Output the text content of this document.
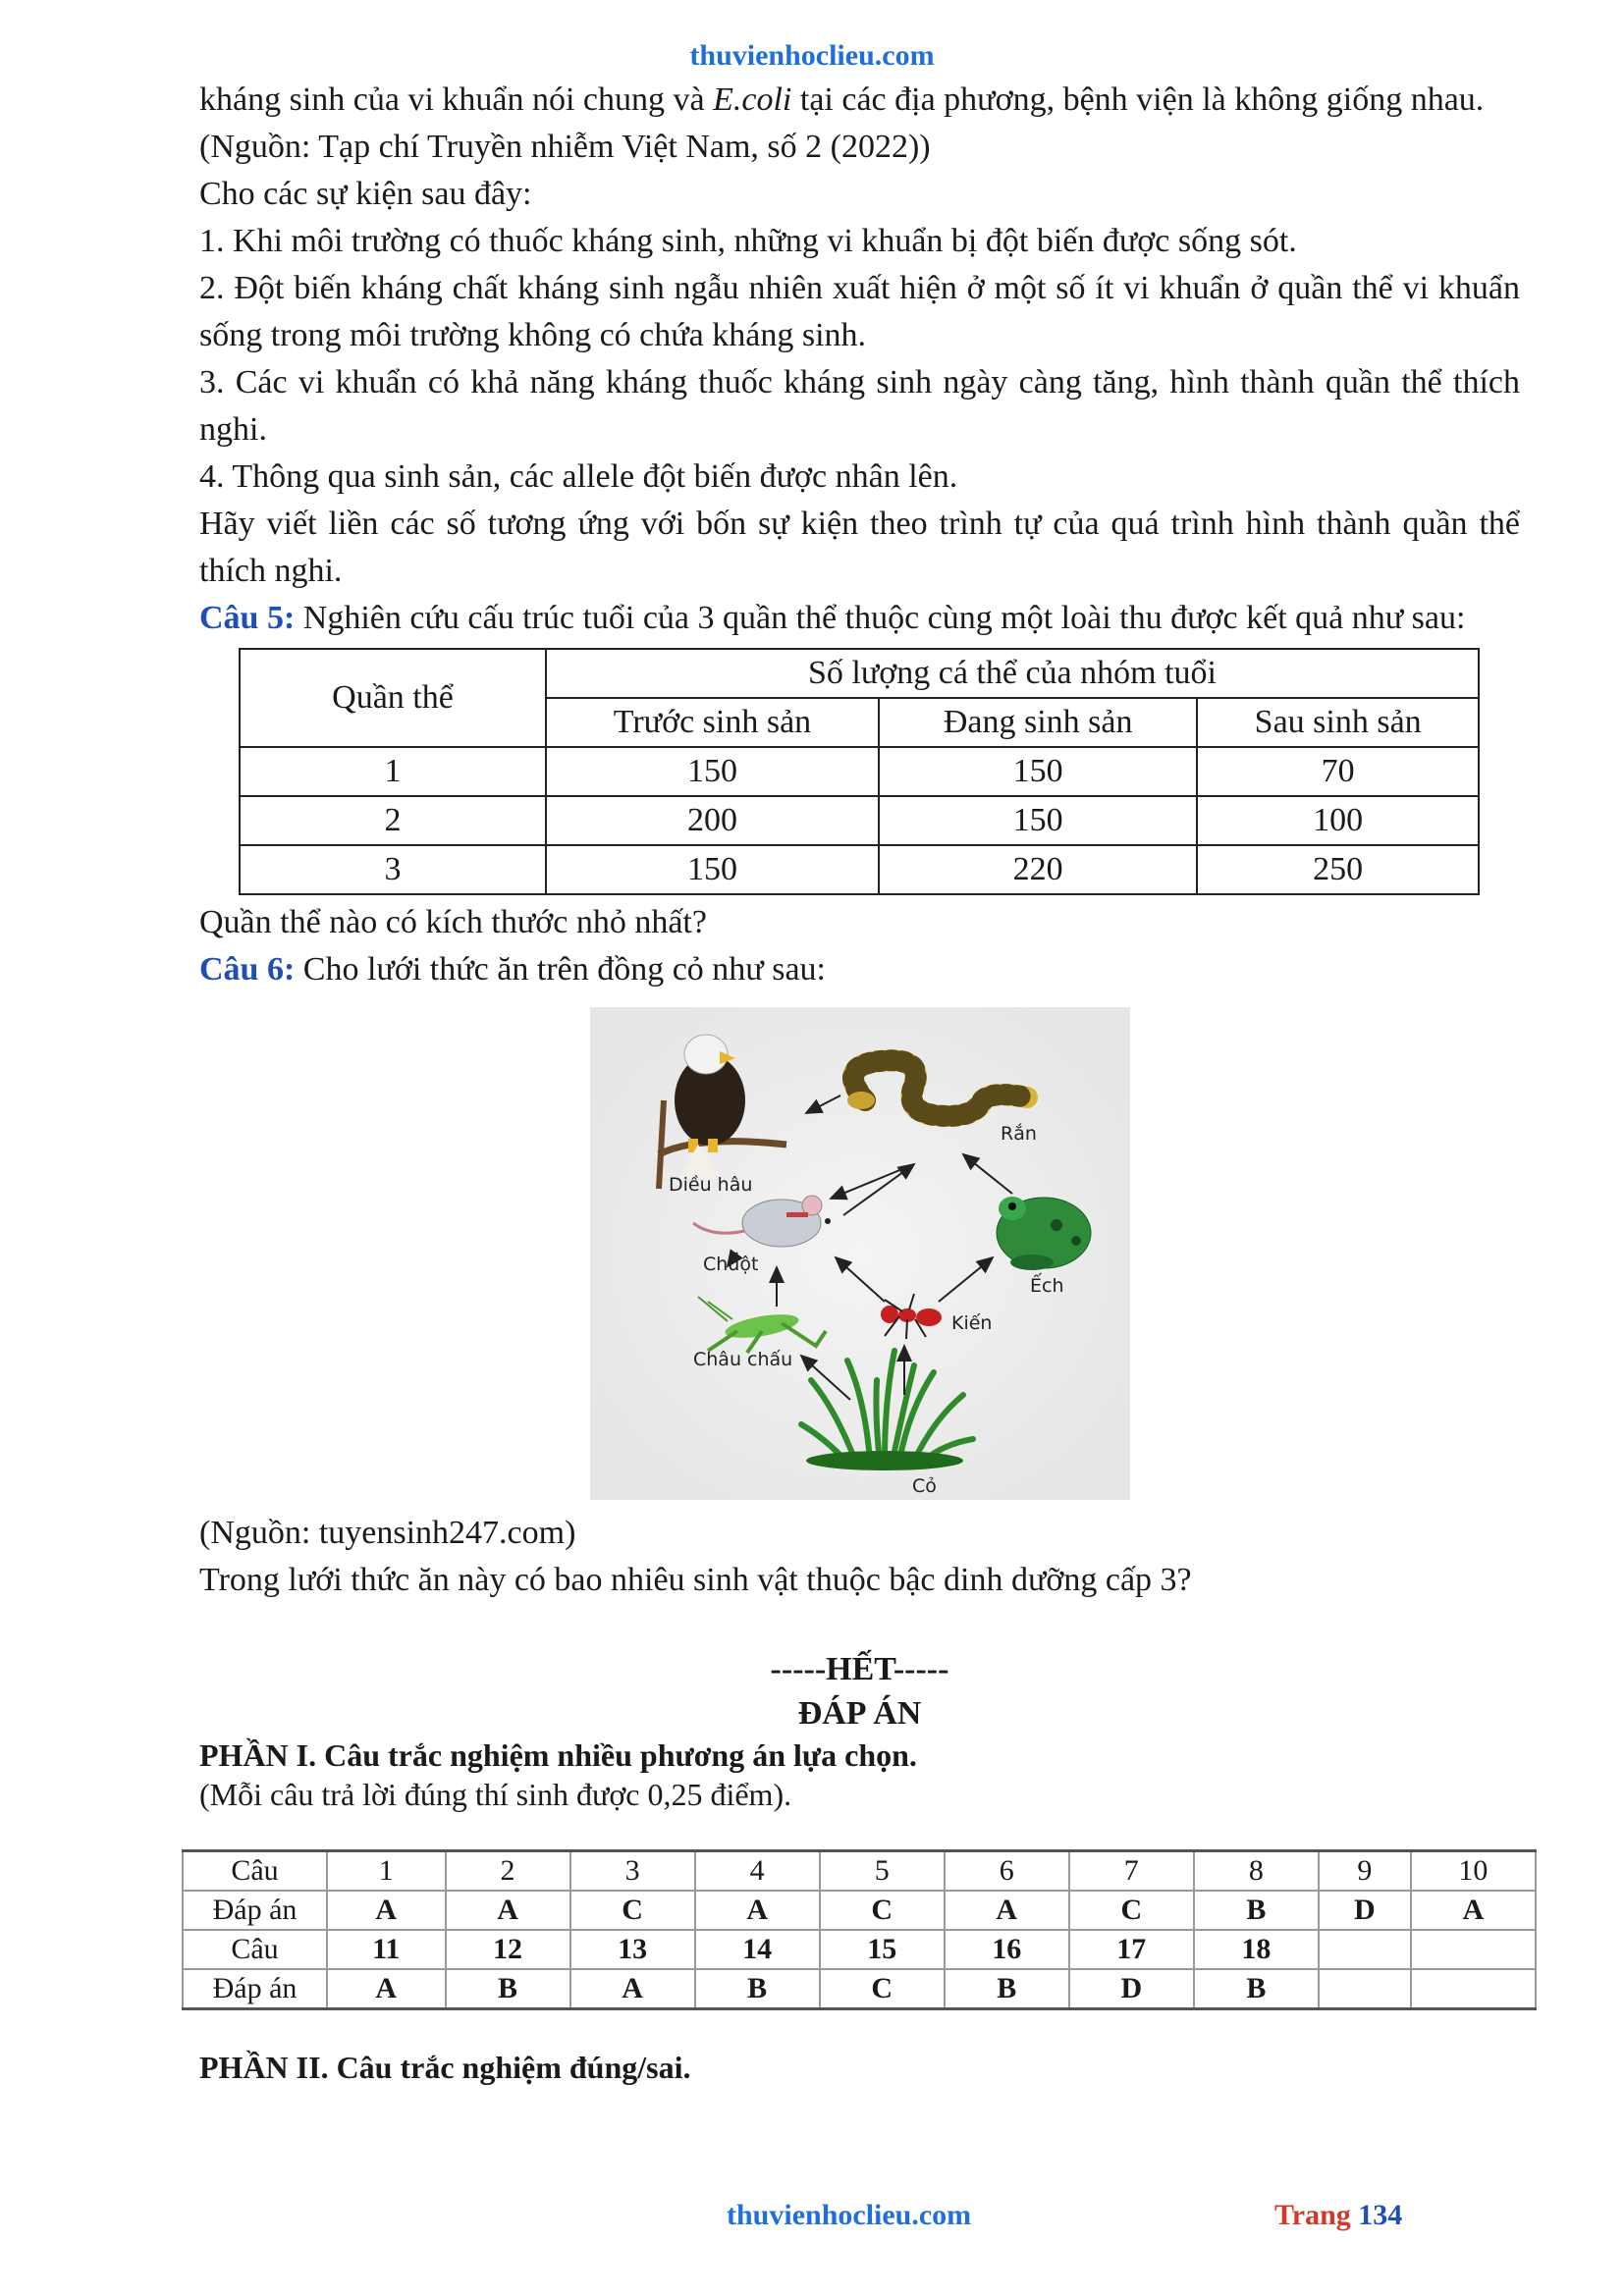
thuvienhoclieu.com

kháng sinh của vi khuẩn nói chung và E.coli tại các địa phương, bệnh viện là không giống nhau.

(Nguồn: Tạp chí Truyền nhiễm Việt Nam, số 2 (2022))

Cho các sự kiện sau đây:

1. Khi môi trường có thuốc kháng sinh, những vi khuẩn bị đột biến được sống sót.

2. Đột biến kháng chất kháng sinh ngẫu nhiên xuất hiện ở một số ít vi khuẩn ở quần thể vi khuẩn sống trong môi trường không có chứa kháng sinh.

3. Các vi khuẩn có khả năng kháng thuốc kháng sinh ngày càng tăng, hình thành quần thể thích nghi.

4. Thông qua sinh sản, các allele đột biến được nhân lên.

Hãy viết liền các số tương ứng với bốn sự kiện theo trình tự của quá trình hình thành quần thể thích nghi.

Câu 5: Nghiên cứu cấu trúc tuổi của 3 quần thể thuộc cùng một loài thu được kết quả như sau:

Quần thể	Số lượng cá thể của nhóm tuổi		
	Trước sinh sản	Đang sinh sản	Sau sinh sản
1	150	150	70
2	200	150	100
3	150	220	250

Quần thể nào có kích thước nhỏ nhất?

Câu 6: Cho lưới thức ăn trên đồng cỏ như sau:

Diều hâu
Rắn
Chuột
Ếch
Châu chấu
Kiến
Cỏ

(Nguồn: tuyensinh247.com)

Trong lưới thức ăn này có bao nhiêu sinh vật thuộc bậc dinh dưỡng cấp 3?

-----HẾT-----

ĐÁP ÁN

PHẦN I. Câu trắc nghiệm nhiều phương án lựa chọn.

(Mỗi câu trả lời đúng thí sinh được 0,25 điểm).

Câu	1	2	3	4	5	6	7	8	9	10
Đáp án	A	A	C	A	C	A	C	B	D	A
Câu	11	12	13	14	15	16	17	18		
Đáp án	A	B	A	B	C	B	D	B		

PHẦN II. Câu trắc nghiệm đúng/sai.

thuvienhoclieu.com	Trang 134
